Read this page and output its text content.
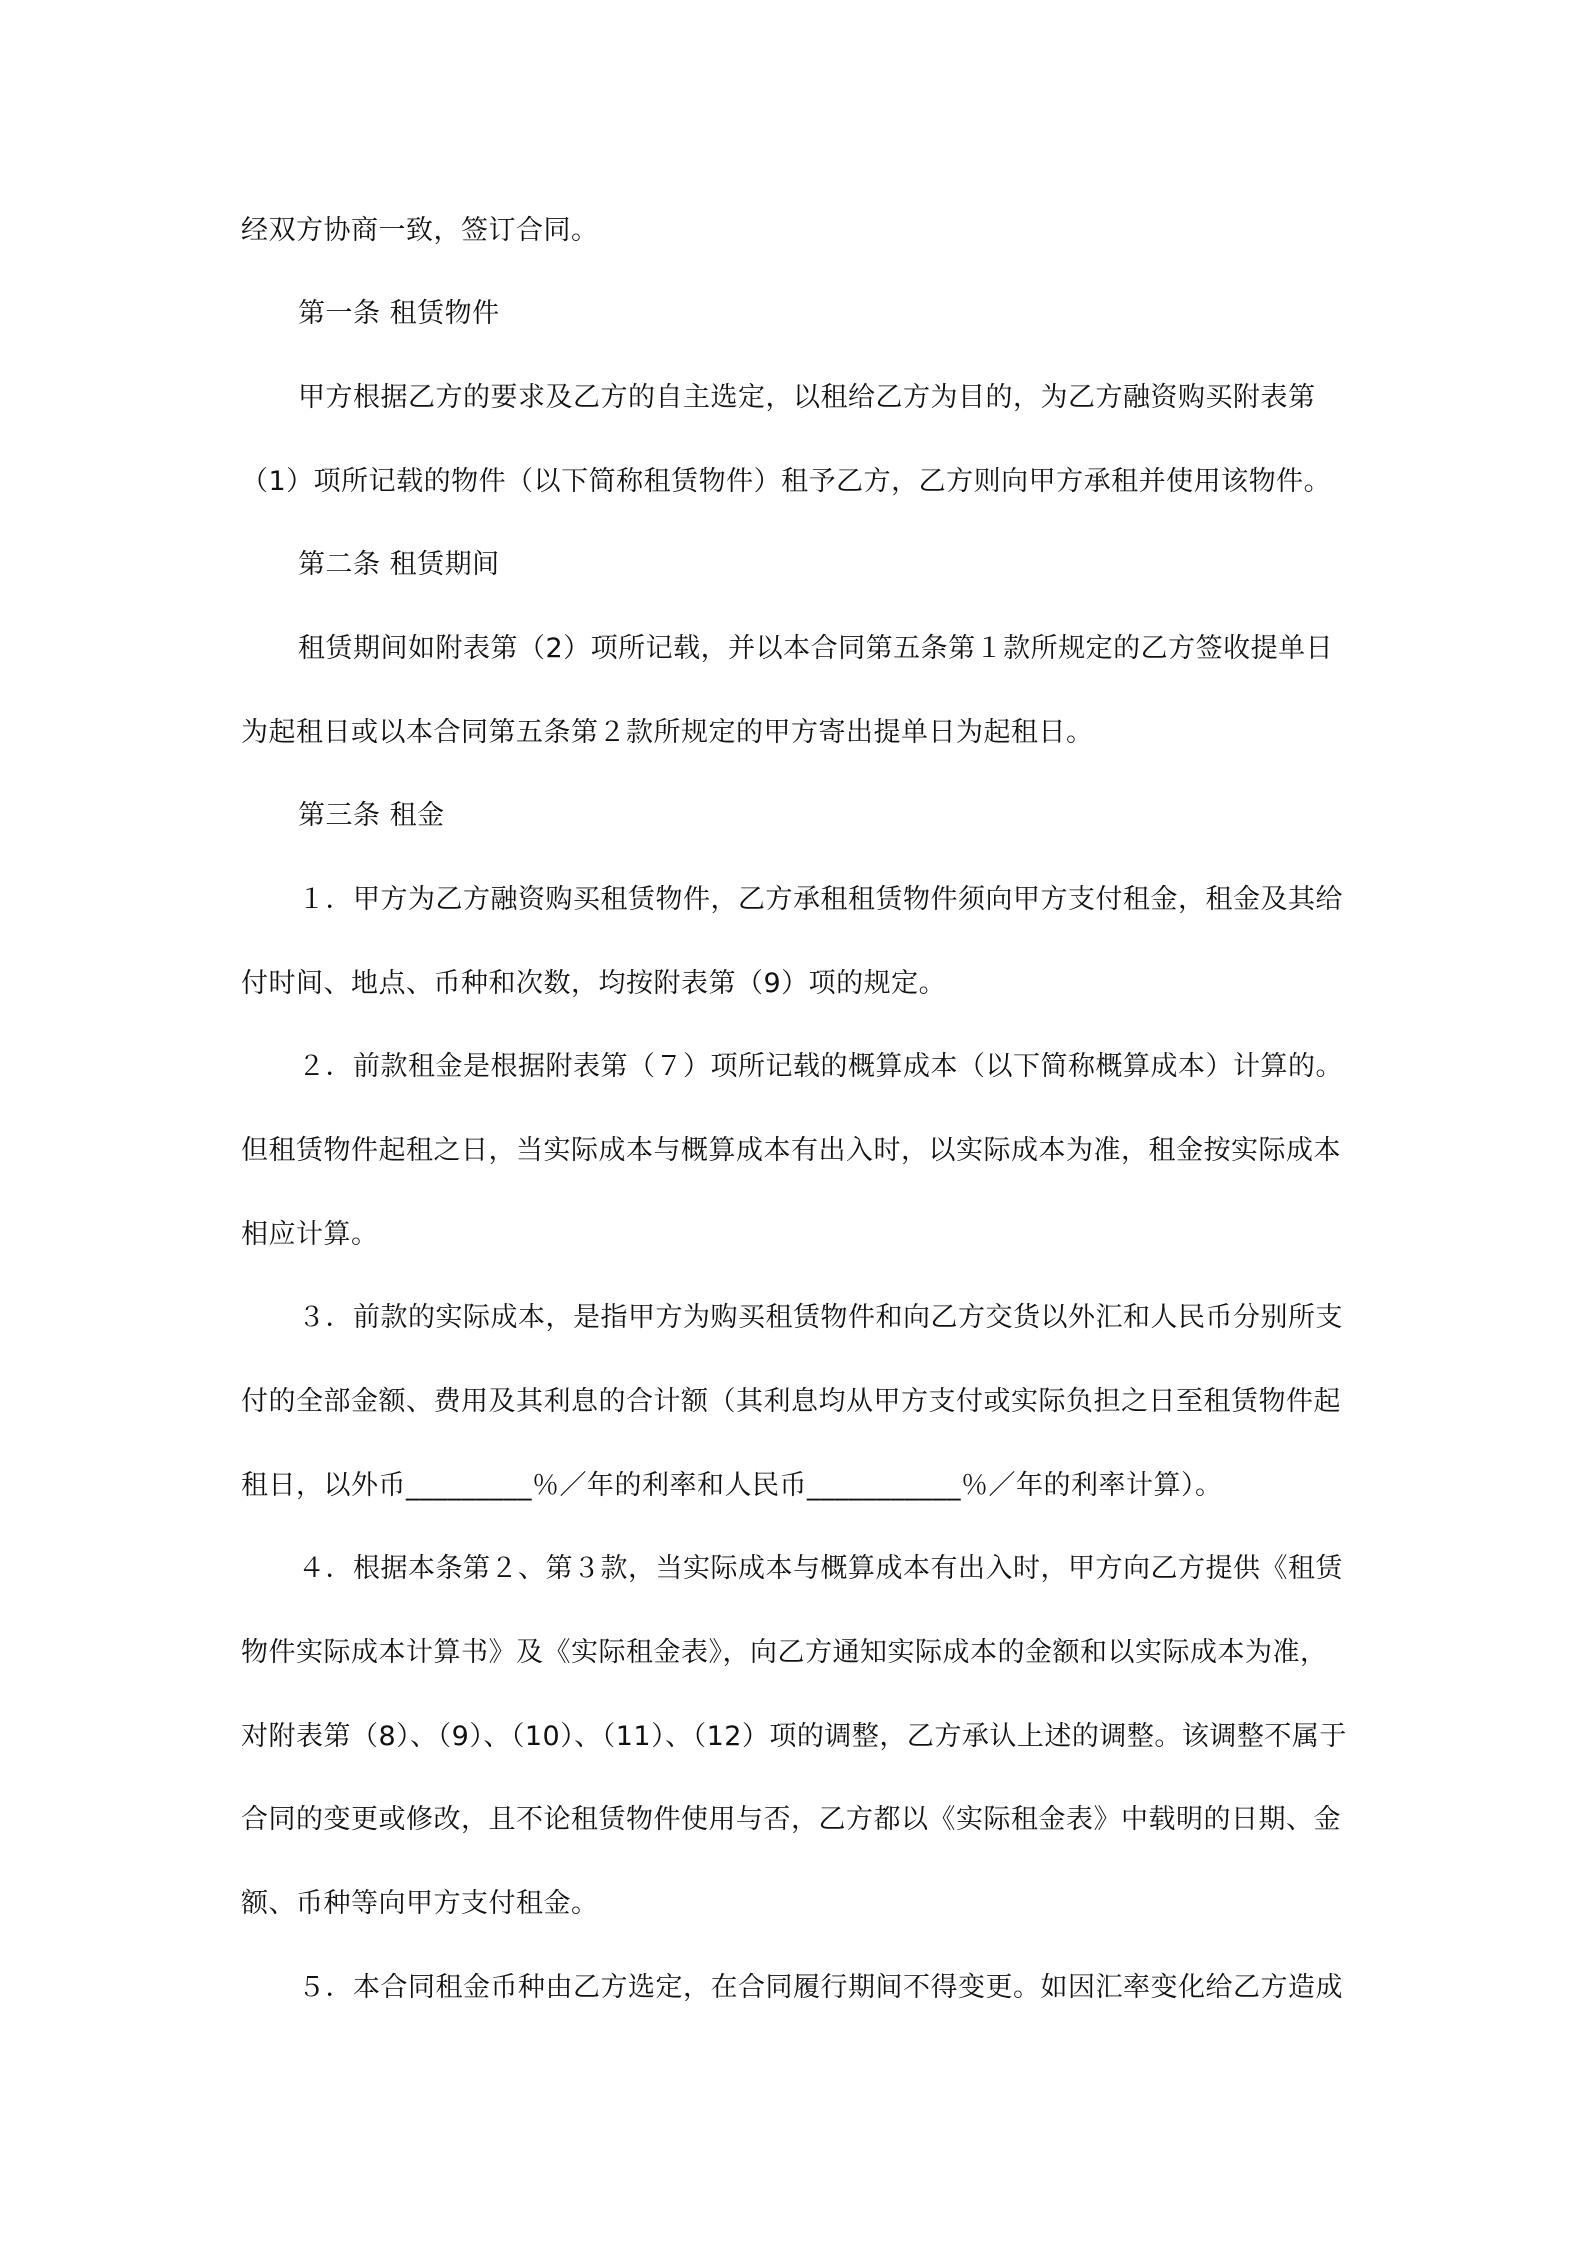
经双方协商一致，签订合同。
第一条 租赁物件
甲方根据乙方的要求及乙方的自主选定，以租给乙方为目的，为乙方融资购买附表第
（1）项所记载的物件（以下简称租赁物件）租予乙方，乙方则向甲方承租并使用该物件。
第二条 租赁期间
租赁期间如附表第（2）项所记载，并以本合同第五条第１款所规定的乙方签收提单日
为起租日或以本合同第五条第２款所规定的甲方寄出提单日为起租日。
第三条 租金
１．甲方为乙方融资购买租赁物件，乙方承租租赁物件须向甲方支付租金，租金及其给
付时间、地点、币种和次数，均按附表第（9）项的规定。
２．前款租金是根据附表第（７）项所记载的概算成本（以下简称概算成本）计算的。
但租赁物件起租之日，当实际成本与概算成本有出入时，以实际成本为准，租金按实际成本
相应计算。
３．前款的实际成本，是指甲方为购买租赁物件和向乙方交货以外汇和人民币分别所支
付的全部金额、费用及其利息的合计额（其利息均从甲方支付或实际负担之日至租赁物件起
租日，以外币_________％／年的利率和人民币___________％／年的利率计算）。
４．根据本条第２、第３款，当实际成本与概算成本有出入时，甲方向乙方提供《租赁
物件实际成本计算书》及《实际租金表》，向乙方通知实际成本的金额和以实际成本为准，
对附表第（8）、（9）、（10）、（11）、（12）项的调整，乙方承认上述的调整。该调整不属于
合同的变更或修改，且不论租赁物件使用与否，乙方都以《实际租金表》中载明的日期、金
额、币种等向甲方支付租金。
５．本合同租金币种由乙方选定，在合同履行期间不得变更。如因汇率变化给乙方造成
